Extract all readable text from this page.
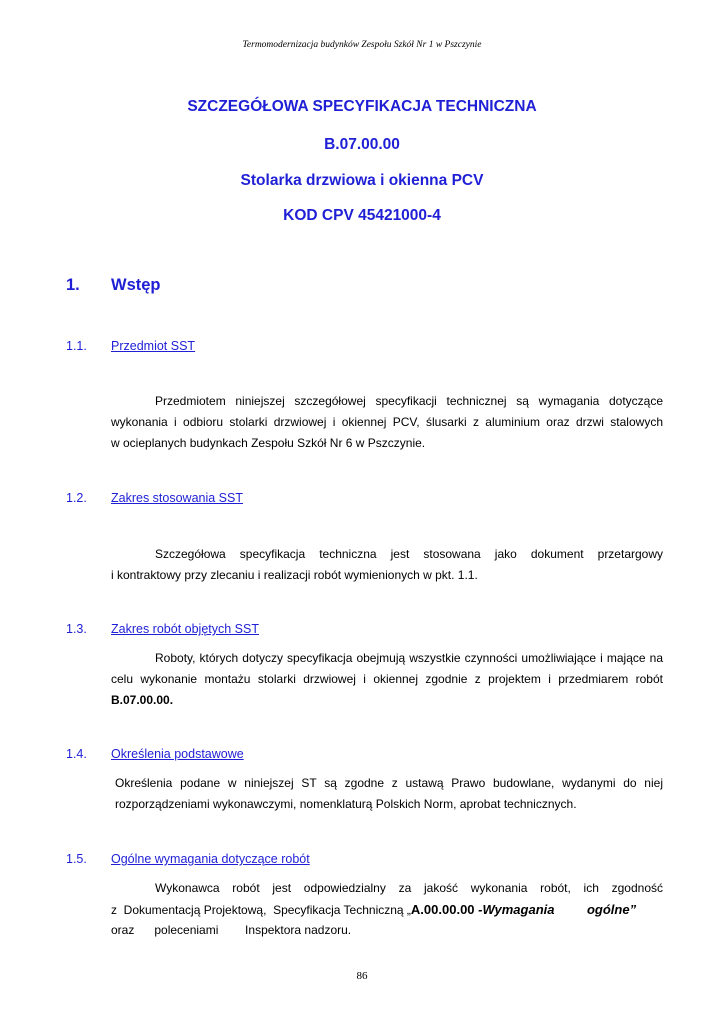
Termomodernizacja budynków Zespołu Szkół Nr 1 w Pszczynie
SZCZEGÓŁOWA SPECYFIKACJA TECHNICZNA
B.07.00.00
Stolarka drzwiowa i okienna PCV
KOD CPV 45421000-4
1. Wstęp
1.1. Przedmiot SST
Przedmiotem niniejszej szczegółowej specyfikacji technicznej są wymagania dotyczące
wykonania i odbioru stolarki drzwiowej i okiennej PCV, ślusarki z aluminium oraz drzwi stalowych
w ocieplanych budynkach Zespołu Szkół Nr 6 w Pszczynie.
1.2. Zakres stosowania SST
Szczegółowa specyfikacja techniczna jest stosowana jako dokument przetargowy
i kontraktowy przy zlecaniu i realizacji robót wymienionych w pkt. 1.1.
1.3. Zakres robót objętych SST
Roboty, których dotyczy specyfikacja obejmują wszystkie czynności umożliwiające i mające na
celu wykonanie montażu stolarki drzwiowej i okiennej zgodnie z projektem i przedmiarem robót
B.07.00.00.
1.4. Określenia podstawowe
Określenia podane w niniejszej ST są zgodne z ustawą Prawo budowlane, wydanymi do niej
rozporządzeniami wykonawczymi, nomenklaturą Polskich Norm, aprobat technicznych.
1.5. Ogólne wymagania dotyczące robót
Wykonawca robót jest odpowiedzialny za jakość wykonania robót, ich zgodność
z  Dokumentacją Projektową,  Specyfikacja Techniczną „A.00.00.00 -Wymagania         ogólne”
oraz      poleceniami        Inspektora nadzoru.
86
